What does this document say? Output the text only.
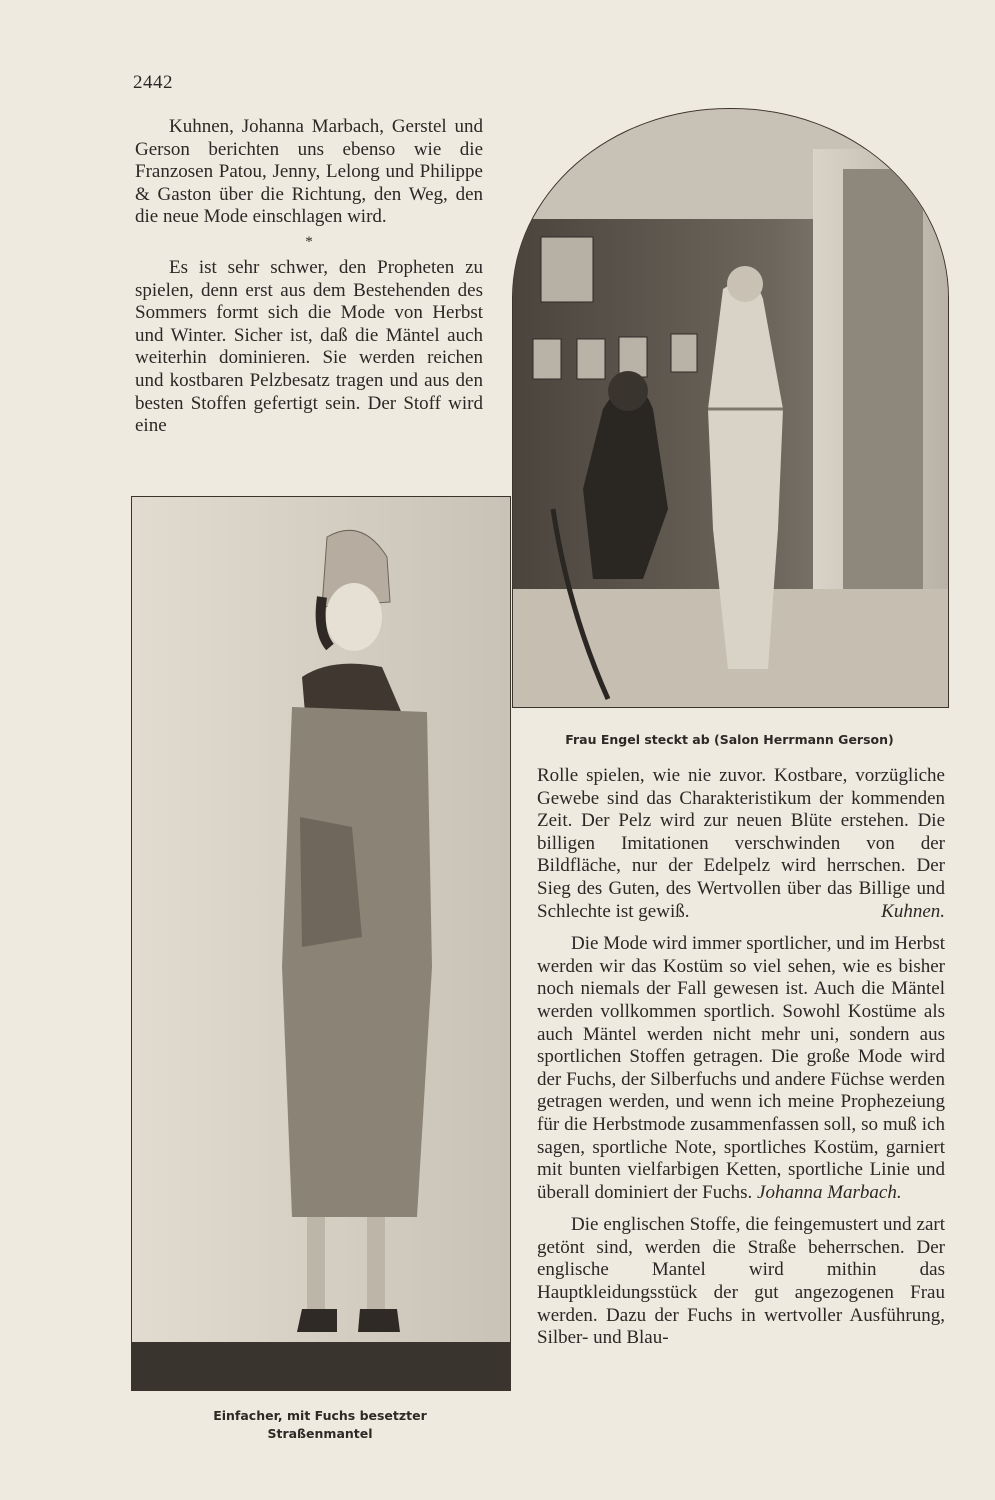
2442

Kuhnen, Johanna Marbach, Gerstel und Gerson berichten uns ebenso wie die Franzosen Patou, Jenny, Lelong und Philippe & Gaston über die Richtung, den Weg, den die neue Mode einschlagen wird.

*

Es ist sehr schwer, den Propheten zu spielen, denn erst aus dem Bestehenden des Sommers formt sich die Mode von Herbst und Winter. Sicher ist, daß die Mäntel auch weiterhin dominieren. Sie werden reichen und kostbaren Pelzbesatz tragen und aus den besten Stoffen gefertigt sein. Der Stoff wird eine

Frau Engel steckt ab (Salon Herrmann Gerson)
Einfacher, mit Fuchs besetzter
Straßenmantel

Rolle spielen, wie nie zuvor. Kostbare, vorzügliche Gewebe sind das Charakteristikum der kommenden Zeit. Der Pelz wird zur neuen Blüte erstehen. Die billigen Imitationen verschwinden von der Bildfläche, nur der Edelpelz wird herrschen. Der Sieg des Guten, des Wertvollen über das Billige und Schlechte ist gewiß.	Kuhnen.

Die Mode wird immer sportlicher, und im Herbst werden wir das Kostüm so viel sehen, wie es bisher noch niemals der Fall gewesen ist. Auch die Mäntel werden vollkommen sportlich. Sowohl Kostüme als auch Mäntel werden nicht mehr uni, sondern aus sportlichen Stoffen getragen. Die große Mode wird der Fuchs, der Silberfuchs und andere Füchse werden getragen werden, und wenn ich meine Prophezeiung für die Herbstmode zusammenfassen soll, so muß ich sagen, sportliche Note, sportliches Kostüm, garniert mit bunten vielfarbigen Ketten, sportliche Linie und überall dominiert der Fuchs. Johanna Marbach.

Die englischen Stoffe, die feingemustert und zart getönt sind, werden die Straße beherrschen. Der englische Mantel wird mithin das Hauptkleidungsstück der gut angezogenen Frau werden. Dazu der Fuchs in wertvoller Ausführung, Silber- und Blau-
